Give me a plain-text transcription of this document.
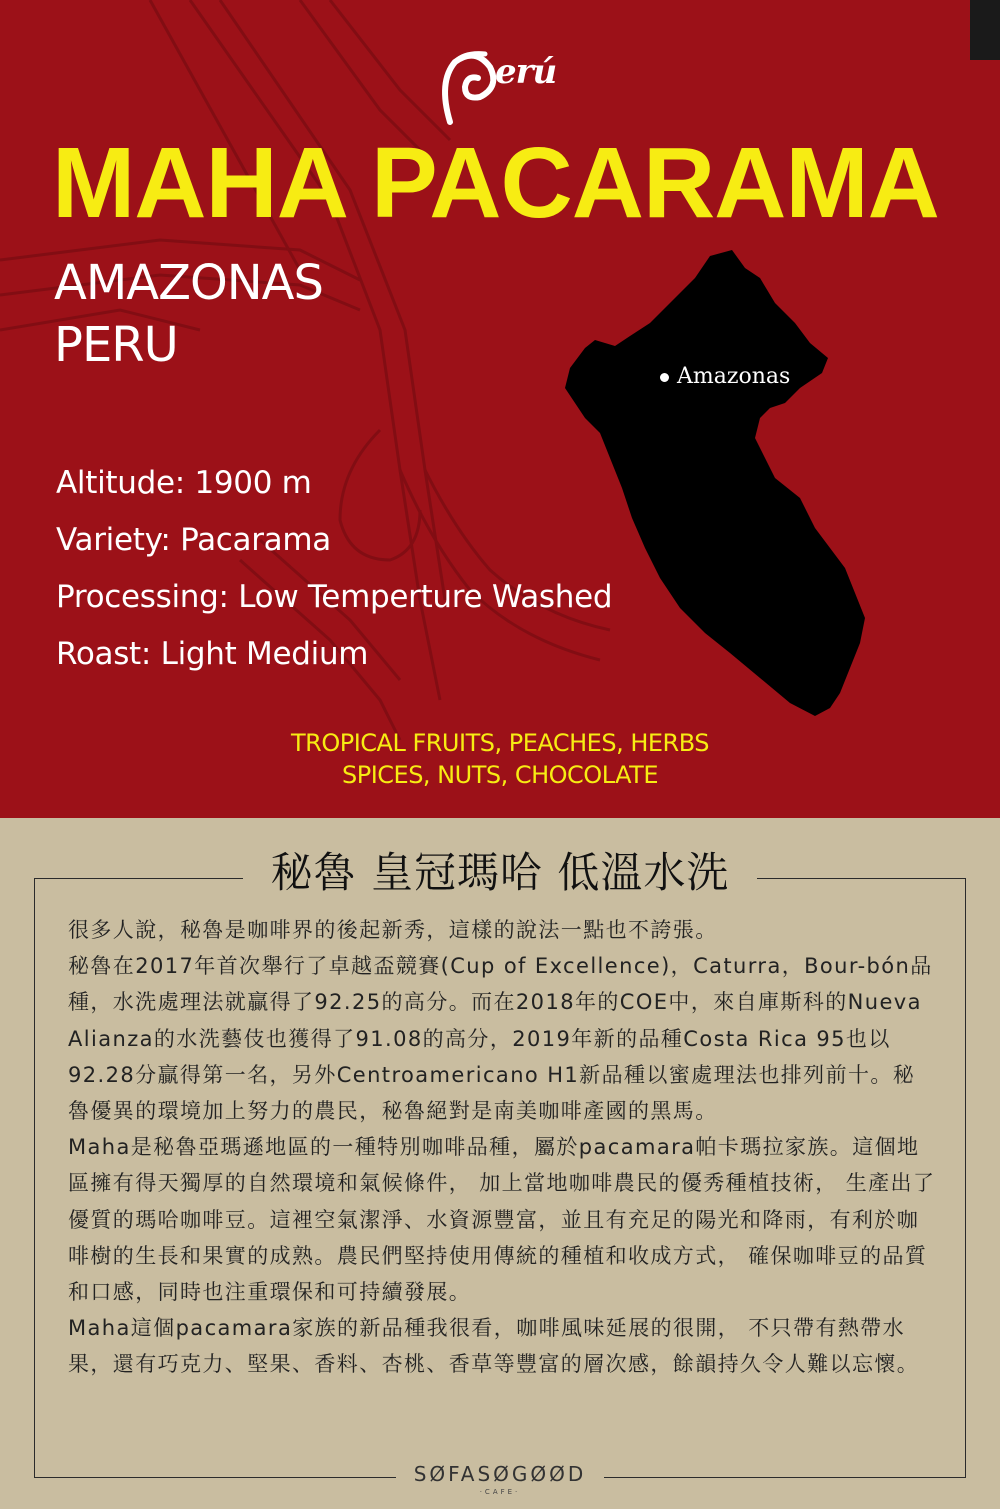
erú
MAHA PACARAMA
AMAZONAS
PERU
Altitude: 1900 m
Variety: Pacarama
Processing: Low Temperture Washed
Roast: Light Medium
Amazonas
TROPICAL FRUITS, PEACHES, HERBS
SPICES, NUTS, CHOCOLATE
秘魯 皇冠瑪哈 低溫水洗

很多人說，秘魯是咖啡界的後起新秀，這樣的說法一點也不誇張。

秘魯在2017年首次舉行了卓越盃競賽(Cup of Excellence)，Caturra，Bour-bón品種，水洗處理法就贏得了92.25的高分。而在2018年的COE中，來自庫斯科的Nueva Alianza的水洗藝伎也獲得了91.08的高分，2019年新的品種Costa Rica 95也以92.28分贏得第一名，另外Centroamericano H1新品種以蜜處理法也排列前十。秘魯優異的環境加上努力的農民，秘魯絕對是南美咖啡產國的黑馬。

Maha是秘魯亞瑪遜地區的一種特別咖啡品種，屬於pacamara帕卡瑪拉家族。這個地區擁有得天獨厚的自然環境和氣候條件， 加上當地咖啡農民的優秀種植技術， 生產出了優質的瑪哈咖啡豆。這裡空氣潔淨、水資源豐富，並且有充足的陽光和降雨，有利於咖啡樹的生長和果實的成熟。農民們堅持使用傳統的種植和收成方式， 確保咖啡豆的品質和口感，同時也注重環保和可持續發展。

Maha這個pacamara家族的新品種我很看，咖啡風味延展的很開， 不只帶有熱帶水果，還有巧克力、堅果、香料、杏桃、香草等豐富的層次感，餘韻持久令人難以忘懷。

SØFASØGØØD
·CAFE·
